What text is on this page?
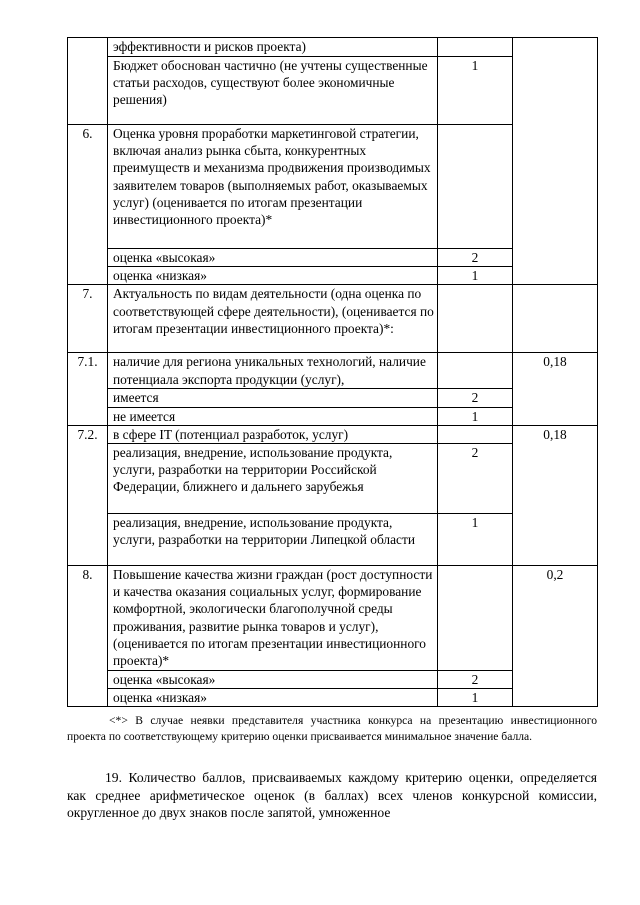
	эффективности и рисков проекта)		
	Бюджет обоснован частично (не учтены существенные статьи расходов, существуют более экономичные решения)	1	
6.	Оценка уровня проработки маркетинговой стратегии, включая анализ рынка сбыта, конкурентных преимуществ и механизма продвижения производимых заявителем товаров (выполняемых работ, оказываемых услуг) (оценивается по итогам презентации инвестиционного проекта)*		
	оценка «высокая»	2	
	оценка «низкая»	1	
7.	Актуальность по видам деятельности (одна оценка по соответствующей сфере деятельности), (оценивается по итогам презентации инвестиционного проекта)*:		
7.1.	наличие для региона уникальных технологий, наличие потенциала экспорта продукции (услуг),		0,18
	имеется	2	
	не имеется	1	
7.2.	в сфере IT (потенциал разработок, услуг)		0,18
	реализация, внедрение, использование продукта, услуги, разработки на территории Российской Федерации, ближнего и дальнего зарубежья	2	
	реализация, внедрение, использование продукта, услуги, разработки на территории Липецкой области	1	
8.	Повышение качества жизни граждан (рост доступности и качества оказания социальных услуг, формирование комфортной, экологически благополучной среды проживания, развитие рынка товаров и услуг), (оценивается по итогам презентации инвестиционного проекта)*		0,2
	оценка «высокая»	2	
	оценка «низкая»	1	
<*> В случае неявки представителя участника конкурса на презентацию инвестиционного проекта по соответствующему критерию оценки присваивается минимальное значение балла.
19. Количество баллов, присваиваемых каждому критерию оценки, определяется как среднее арифметическое оценок (в баллах) всех членов конкурсной комиссии, округленное до двух знаков после запятой, умноженное
